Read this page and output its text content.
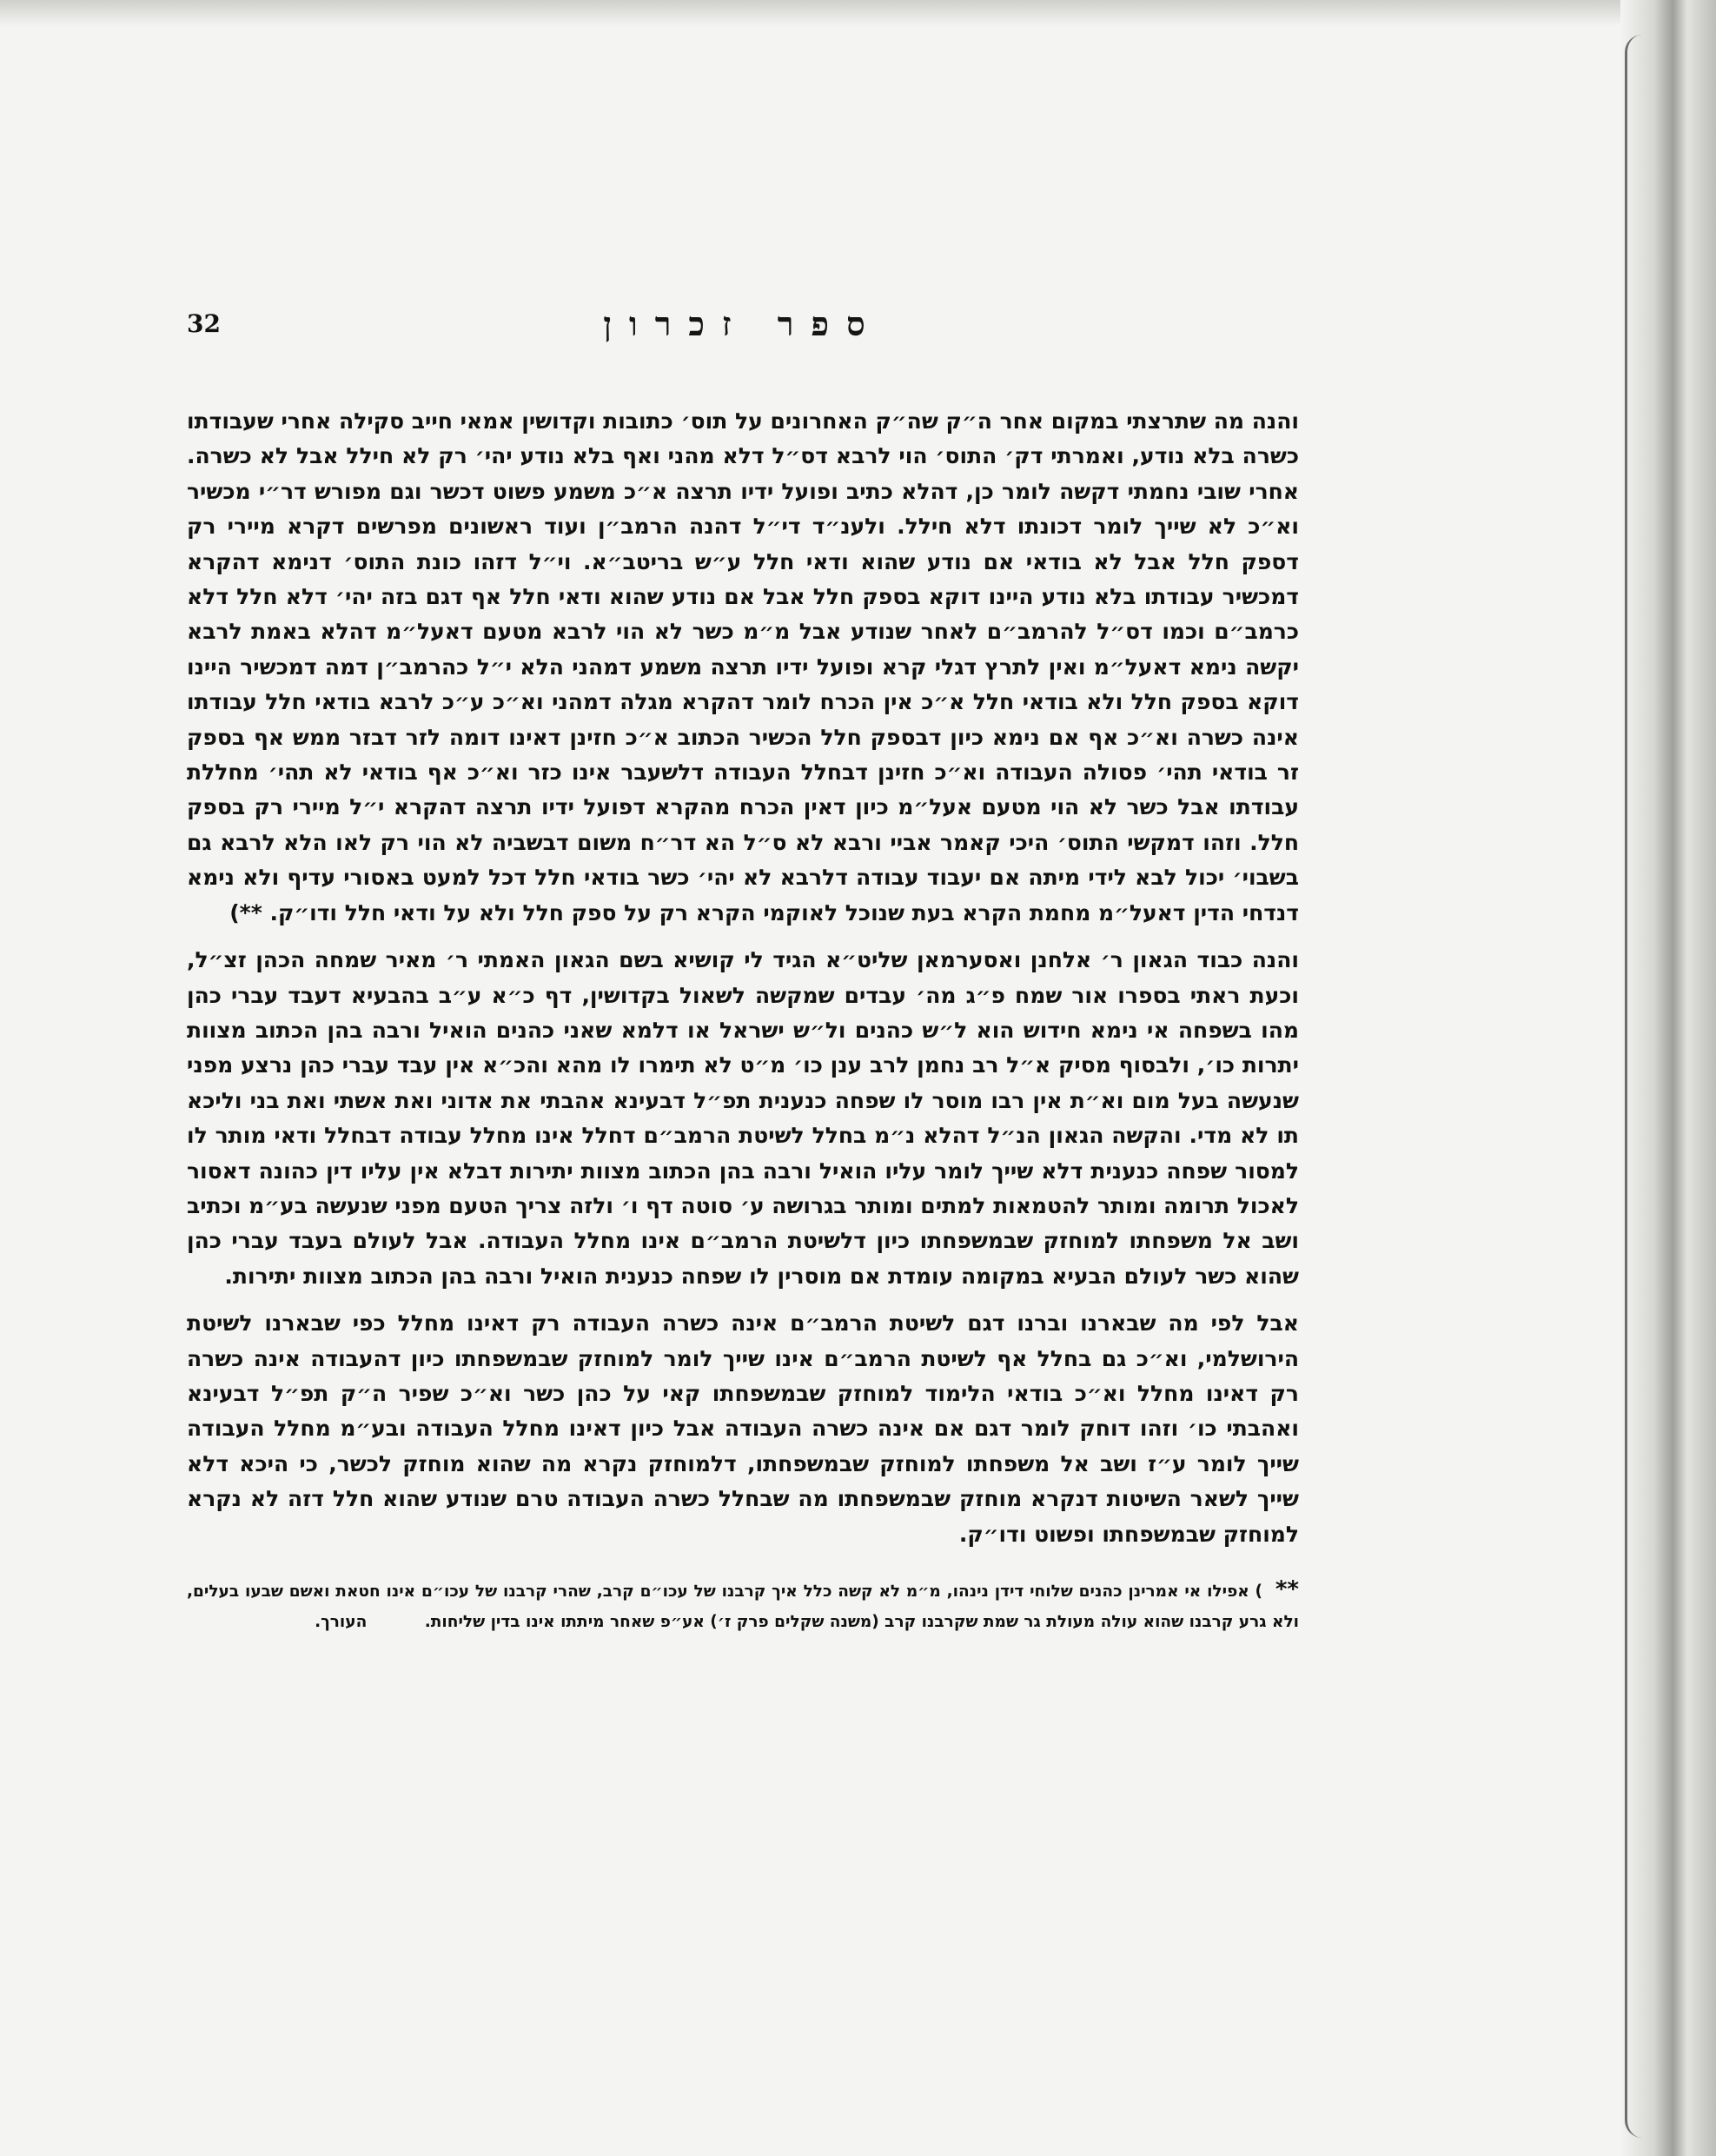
ספר זכרון
32

והנה מה שתרצתי במקום אחר ה״ק שה״ק האחרונים על תוס׳ כתובות וקדושין אמאי חייב סקילה אחרי שעבודתו כשרה בלא נודע, ואמרתי דק׳ התוס׳ הוי לרבא דס״ל דלא מהני ואף בלא נודע יהי׳ רק לא חילל אבל לא כשרה. אחרי שובי נחמתי דקשה לומר כן, דהלא כתיב ופועל ידיו תרצה א״כ משמע פשוט דכשר וגם מפורש דר״י מכשיר וא״כ לא שייך לומר דכונתו דלא חילל. ולענ״ד די״ל דהנה הרמב״ן ועוד ראשונים מפרשים דקרא מיירי רק דספק חלל אבל לא בודאי אם נודע שהוא ודאי חלל ע״ש בריטב״א. וי״ל דזהו כונת התוס׳ דנימא דהקרא דמכשיר עבודתו בלא נודע היינו דוקא בספק חלל אבל אם נודע שהוא ודאי חלל אף דגם בזה יהי׳ דלא חלל דלא כרמב״ם וכמו דס״ל להרמב״ם לאחר שנודע אבל מ״מ כשר לא הוי לרבא מטעם דאעל״מ דהלא באמת לרבא יקשה נימא דאעל״מ ואין לתרץ דגלי קרא ופועל ידיו תרצה משמע דמהני הלא י״ל כהרמב״ן דמה דמכשיר היינו דוקא בספק חלל ולא בודאי חלל א״כ אין הכרח לומר דהקרא מגלה דמהני וא״כ ע״כ לרבא בודאי חלל עבודתו אינה כשרה וא״כ אף אם נימא כיון דבספק חלל הכשיר הכתוב א״כ חזינן דאינו דומה לזר דבזר ממש אף בספק זר בודאי תהי׳ פסולה העבודה וא״כ חזינן דבחלל העבודה דלשעבר אינו כזר וא״כ אף בודאי לא תהי׳ מחללת עבודתו אבל כשר לא הוי מטעם אעל״מ כיון דאין הכרח מהקרא דפועל ידיו תרצה דהקרא י״ל מיירי רק בספק חלל. וזהו דמקשי התוס׳ היכי קאמר אביי ורבא לא ס״ל הא דר״ח משום דבשביה לא הוי רק לאו הלא לרבא גם בשבוי׳ יכול לבא לידי מיתה אם יעבוד עבודה דלרבא לא יהי׳ כשר בודאי חלל דכל למעט באסורי עדיף ולא נימא דנדחי הדין דאעל״מ מחמת הקרא בעת שנוכל לאוקמי הקרא רק על ספק חלל ולא על ודאי חלל ודו״ק. **)

והנה כבוד הגאון ר׳ אלחנן ואסערמאן שליט״א הגיד לי קושיא בשם הגאון האמתי ר׳ מאיר שמחה הכהן זצ״ל, וכעת ראתי בספרו אור שמח פ״ג מה׳ עבדים שמקשה לשאול בקדושין, דף כ״א ע״ב בהבעיא דעבד עברי כהן מהו בשפחה אי נימא חידוש הוא ל״ש כהנים ול״ש ישראל או דלמא שאני כהנים הואיל ורבה בהן הכתוב מצוות יתרות כו׳, ולבסוף מסיק א״ל רב נחמן לרב ענן כו׳ מ״ט לא תימרו לו מהא והכ״א אין עבד עברי כהן נרצע מפני שנעשה בעל מום וא״ת אין רבו מוסר לו שפחה כנענית תפ״ל דבעינא אהבתי את אדוני ואת אשתי ואת בני וליכא תו לא מדי. והקשה הגאון הנ״ל דהלא נ״מ בחלל לשיטת הרמב״ם דחלל אינו מחלל עבודה דבחלל ודאי מותר לו למסור שפחה כנענית דלא שייך לומר עליו הואיל ורבה בהן הכתוב מצוות יתירות דבלא אין עליו דין כהונה דאסור לאכול תרומה ומותר להטמאות למתים ומותר בגרושה ע׳ סוטה דף ו׳ ולזה צריך הטעם מפני שנעשה בע״מ וכתיב ושב אל משפחתו למוחזק שבמשפחתו כיון דלשיטת הרמב״ם אינו מחלל העבודה. אבל לעולם בעבד עברי כהן שהוא כשר לעולם הבעיא במקומה עומדת אם מוסרין לו שפחה כנענית הואיל ורבה בהן הכתוב מצוות יתירות.

אבל לפי מה שבארנו וברנו דגם לשיטת הרמב״ם אינה כשרה העבודה רק דאינו מחלל כפי שבארנו לשיטת הירושלמי, וא״כ גם בחלל אף לשיטת הרמב״ם אינו שייך לומר למוחזק שבמשפחתו כיון דהעבודה אינה כשרה רק דאינו מחלל וא״כ בודאי הלימוד למוחזק שבמשפחתו קאי על כהן כשר וא״כ שפיר ה״ק תפ״ל דבעינא ואהבתי כו׳ וזהו דוחק לומר דגם אם אינה כשרה העבודה אבל כיון דאינו מחלל העבודה ובע״מ מחלל העבודה שייך לומר ע״ז ושב אל משפחתו למוחזק שבמשפחתו, דלמוחזק נקרא מה שהוא מוחזק לכשר, כי היכא דלא שייך לשאר השיטות דנקרא מוחזק שבמשפחתו מה שבחלל כשרה העבודה טרם שנודע שהוא חלל דזה לא נקרא למוחזק שבמשפחתו ופשוט ודו״ק.

** ) אפילו אי אמרינן כהנים שלוחי דידן נינהו, מ״מ לא קשה כלל איך קרבנו של עכו״ם קרב, שהרי קרבנו של עכו״ם אינו חטאת ואשם שבעו בעלים, ולא גרע קרבנו שהוא עולה מעולת גר שמת שקרבנו קרב (משנה שקלים פרק ז׳) אע״פ שאחר מיתתו אינו בדין שליחות. העורך.
